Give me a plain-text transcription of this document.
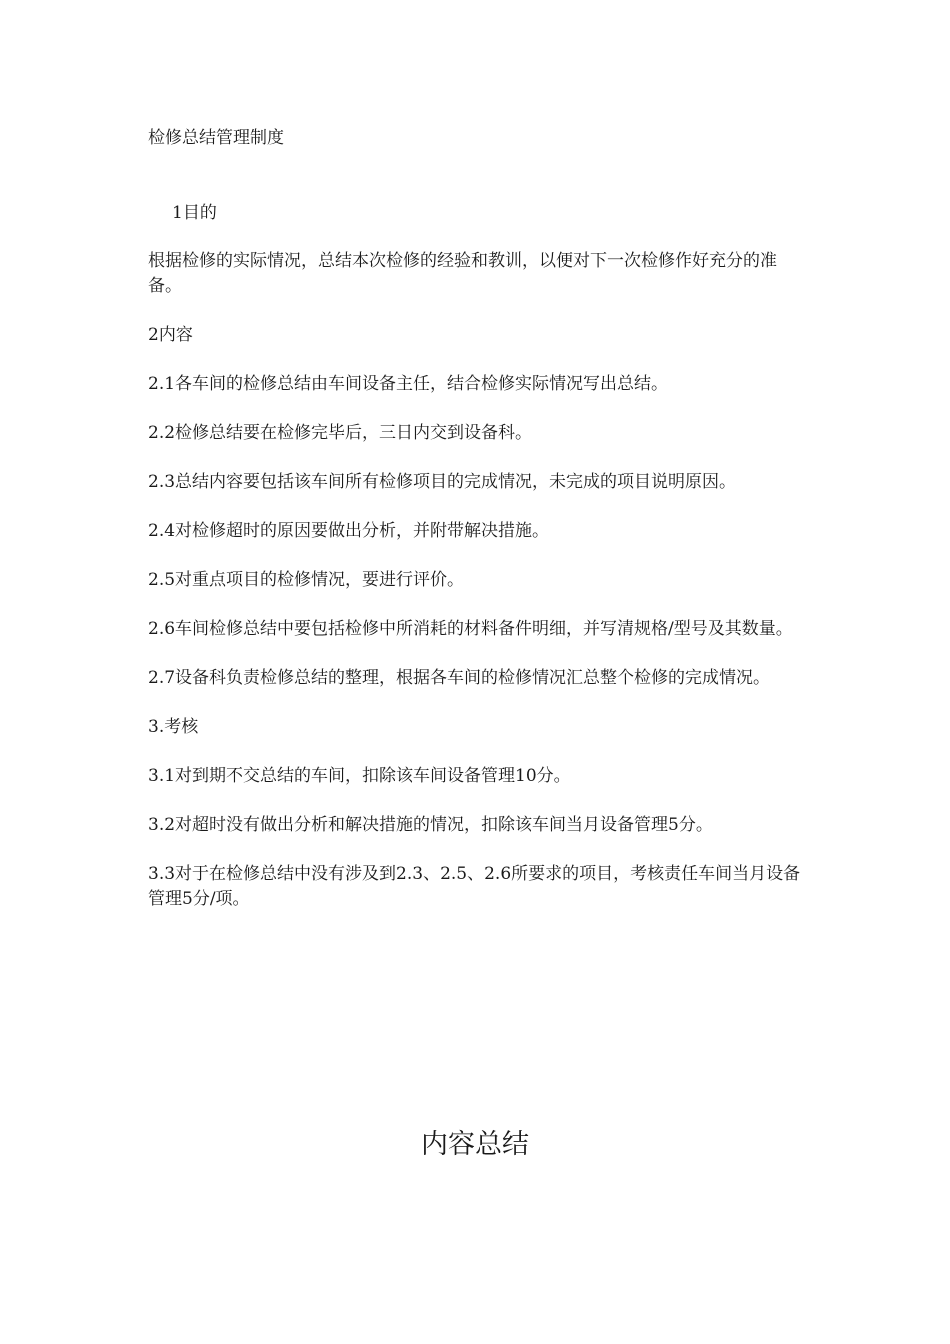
检修总结管理制度

1目的

根据检修的实际情况，总结本次检修的经验和教训，以便对下一次检修作好充分的准备。

2内容

2.1各车间的检修总结由车间设备主任，结合检修实际情况写出总结。

2.2检修总结要在检修完毕后，三日内交到设备科。

2.3总结内容要包括该车间所有检修项目的完成情况，未完成的项目说明原因。

2.4对检修超时的原因要做出分析，并附带解决措施。

2.5对重点项目的检修情况，要进行评价。

2.6车间检修总结中要包括检修中所消耗的材料备件明细，并写清规格/型号及其数量。

2.7设备科负责检修总结的整理，根据各车间的检修情况汇总整个检修的完成情况。

3.考核

3.1对到期不交总结的车间，扣除该车间设备管理10分。

3.2对超时没有做出分析和解决措施的情况，扣除该车间当月设备管理5分。

3.3对于在检修总结中没有涉及到2.3、2.5、2.6所要求的项目，考核责任车间当月设备管理5分/项。

内容总结
